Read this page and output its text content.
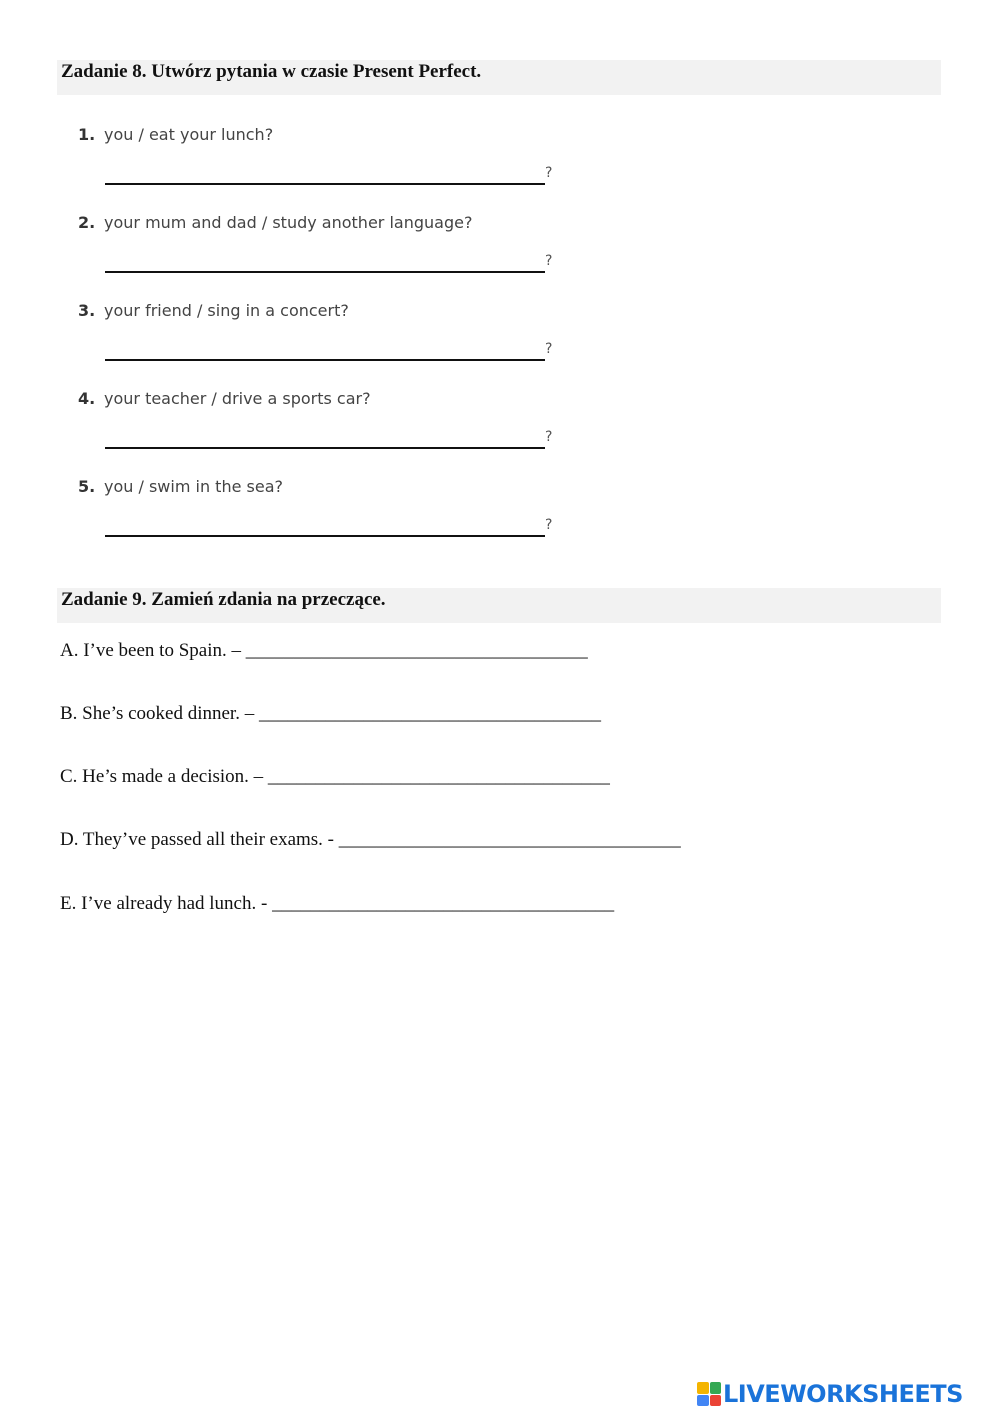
Zadanie 8. Utwórz pytania w czasie Present Perfect.
1. you / eat your lunch?
?
2. your mum and dad / study another language?
?
3. your friend / sing in a concert?
?
4. your teacher / drive a sports car?
?
5. you / swim in the sea?
?
Zadanie 9. Zamień zdania na przeczące.
A. I’ve been to Spain. – ____________________________________
B. She’s cooked dinner. – ____________________________________
C. He’s made a decision. – ____________________________________
D. They’ve passed all their exams. - ____________________________________
E. I’ve already had lunch. - ____________________________________
LIVEWORKSHEETS
